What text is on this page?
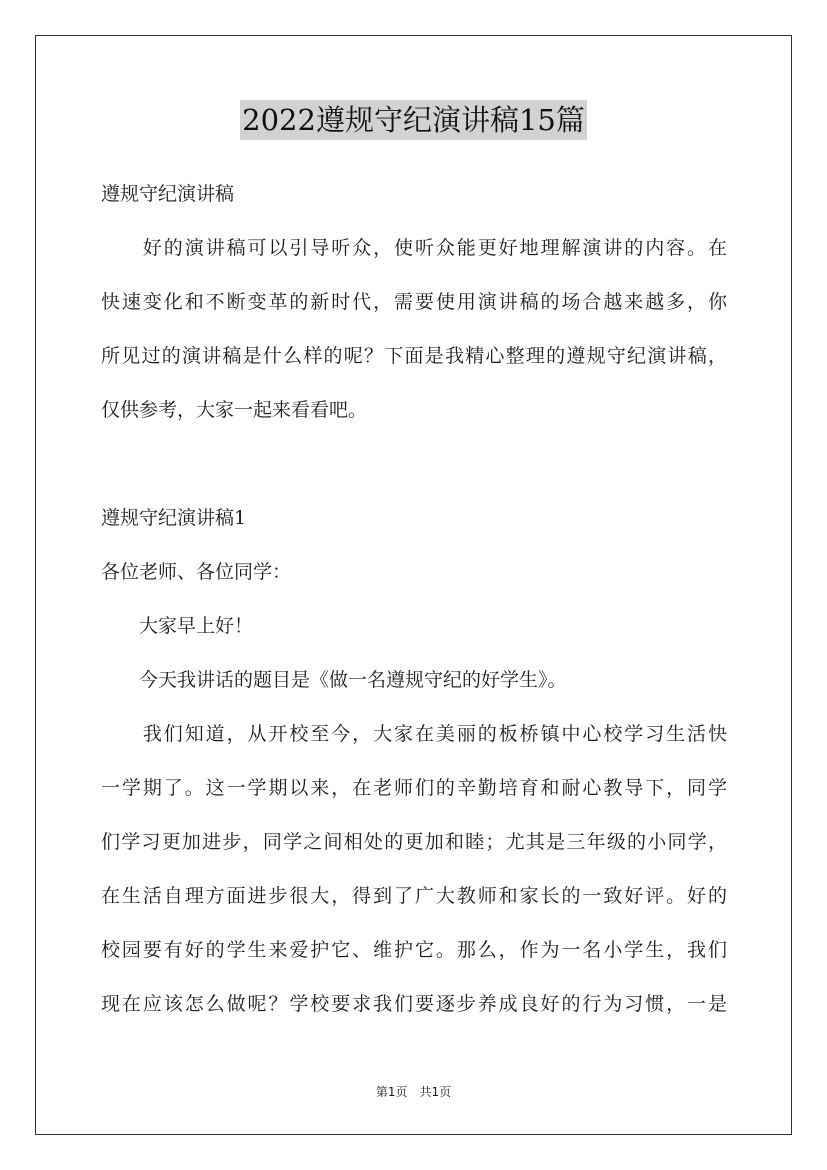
2022遵规守纪演讲稿15篇
遵规守纪演讲稿
　　好的演讲稿可以引导听众，使听众能更好地理解演讲的内容。在
快速变化和不断变革的新时代，需要使用演讲稿的场合越来越多，你
所见过的演讲稿是什么样的呢？下面是我精心整理的遵规守纪演讲稿，
仅供参考，大家一起来看看吧。
遵规守纪演讲稿1
各位老师、各位同学：
　　大家早上好！
　　今天我讲话的题目是《做一名遵规守纪的好学生》。
　　我们知道，从开校至今，大家在美丽的板桥镇中心校学习生活快
一学期了。这一学期以来，在老师们的辛勤培育和耐心教导下，同学
们学习更加进步，同学之间相处的更加和睦；尤其是三年级的小同学，
在生活自理方面进步很大，得到了广大教师和家长的一致好评。好的
校园要有好的学生来爱护它、维护它。那么，作为一名小学生，我们
现在应该怎么做呢？学校要求我们要逐步养成良好的行为习惯，一是
第1页　共1页
